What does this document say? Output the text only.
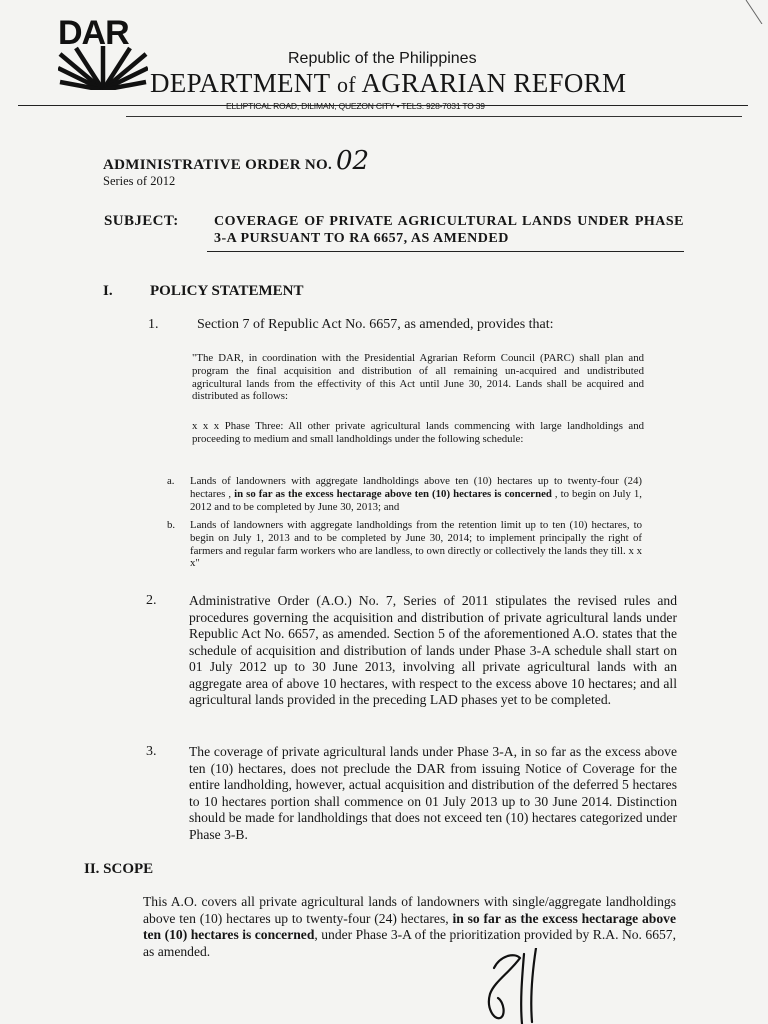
DAR
Republic of the Philippines
DEPARTMENT of AGRARIAN REFORM
ELLIPTICAL ROAD, DILIMAN, QUEZON CITY • TELS. 928-7031 TO 39
ADMINISTRATIVE ORDER NO. 02
Series of 2012
SUBJECT:	COVERAGE OF PRIVATE AGRICULTURAL LANDS UNDER PHASE 3-A PURSUANT TO RA 6657, AS AMENDED
I. POLICY STATEMENT
1.	Section 7 of Republic Act No. 6657, as amended, provides that:

"The DAR, in coordination with the Presidential Agrarian Reform Council (PARC) shall plan and program the final acquisition and distribution of all remaining un-acquired and undistributed agricultural lands from the effectivity of this Act until June 30, 2014. Lands shall be acquired and distributed as follows:

x x x Phase Three: All other private agricultural lands commencing with large landholdings and proceeding to medium and small landholdings under the following schedule:

a. Lands of landowners with aggregate landholdings above ten (10) hectares up to twenty-four (24) hectares , in so far as the excess hectarage above ten (10) hectares is concerned , to begin on July 1, 2012 and to be completed by June 30, 2013; and

b. Lands of landowners with aggregate landholdings from the retention limit up to ten (10) hectares, to begin on July 1, 2013 and to be completed by June 30, 2014; to implement principally the right of farmers and regular farm workers who are landless, to own directly or collectively the lands they till. x x x"

2. Administrative Order (A.O.) No. 7, Series of 2011 stipulates the revised rules and procedures governing the acquisition and distribution of private agricultural lands under Republic Act No. 6657, as amended. Section 5 of the aforementioned A.O. states that the schedule of acquisition and distribution of lands under Phase 3-A schedule shall start on 01 July 2012 up to 30 June 2013, involving all private agricultural lands with an aggregate area of above 10 hectares, with respect to the excess above 10 hectares; and all agricultural lands provided in the preceding LAD phases yet to be completed.

3. The coverage of private agricultural lands under Phase 3-A, in so far as the excess above ten (10) hectares, does not preclude the DAR from issuing Notice of Coverage for the entire landholding, however, actual acquisition and distribution of the deferred 5 hectares to 10 hectares portion shall commence on 01 July 2013 up to 30 June 2014. Distinction should be made for landholdings that does not exceed ten (10) hectares categorized under Phase 3-B.

II. SCOPE

This A.O. covers all private agricultural lands of landowners with single/aggregate landholdings above ten (10) hectares up to twenty-four (24) hectares, in so far as the excess hectarage above ten (10) hectares is concerned, under Phase 3-A of the prioritization provided by R.A. No. 6657, as amended.
